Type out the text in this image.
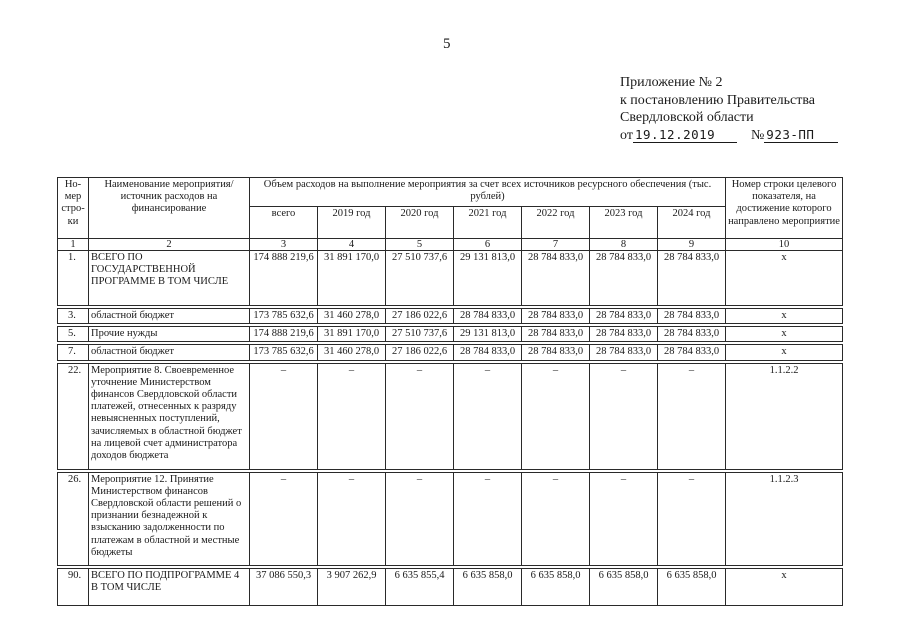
5
Приложение № 2
к постановлению Правительства
Свердловской области
от 19.12.2019	№ 923-ПП
Но- мер стро- ки	Наименование мероприятия/источник расходов на финансирование	Объем расходов на выполнение мероприятия за счет всех источников ресурсного обеспечения (тыс. рублей)							Номер строки целевого показателя, на достижение которого направлено мероприятие
		всего	2019 год	2020 год	2021 год	2022 год	2023 год	2024 год	
1	2	3	4	5	6	7	8	9	10
1.	ВСЕГО ПО ГОСУДАРСТВЕННОЙ ПРОГРАММЕ В ТОМ ЧИСЛЕ	174 888 219,6	31 891 170,0	27 510 737,6	29 131 813,0	28 784 833,0	28 784 833,0	28 784 833,0	x

3.	областной бюджет	173 785 632,6	31 460 278,0	27 186 022,6	28 784 833,0	28 784 833,0	28 784 833,0	28 784 833,0	x

5.	Прочие нужды	174 888 219,6	31 891 170,0	27 510 737,6	29 131 813,0	28 784 833,0	28 784 833,0	28 784 833,0	x

7.	областной бюджет	173 785 632,6	31 460 278,0	27 186 022,6	28 784 833,0	28 784 833,0	28 784 833,0	28 784 833,0	x

22.	Мероприятие 8. Своевременное уточнение Министерством финансов Свердловской области платежей, отнесенных к разряду невыясненных поступлений, зачисляемых в областной бюджет на лицевой счет администратора доходов бюджета	–	–	–	–	–	–	–	1.1.2.2

26.	Мероприятие 12. Принятие Министерством финансов Свердловской области решений о признании безнадежной к взысканию задолженности по платежам в областной и местные бюджеты	–	–	–	–	–	–	–	1.1.2.3

90.	ВСЕГО ПО ПОДПРОГРАММЕ 4 В ТОМ ЧИСЛЕ	37 086 550,3	3 907 262,9	6 635 855,4	6 635 858,0	6 635 858,0	6 635 858,0	6 635 858,0	x
